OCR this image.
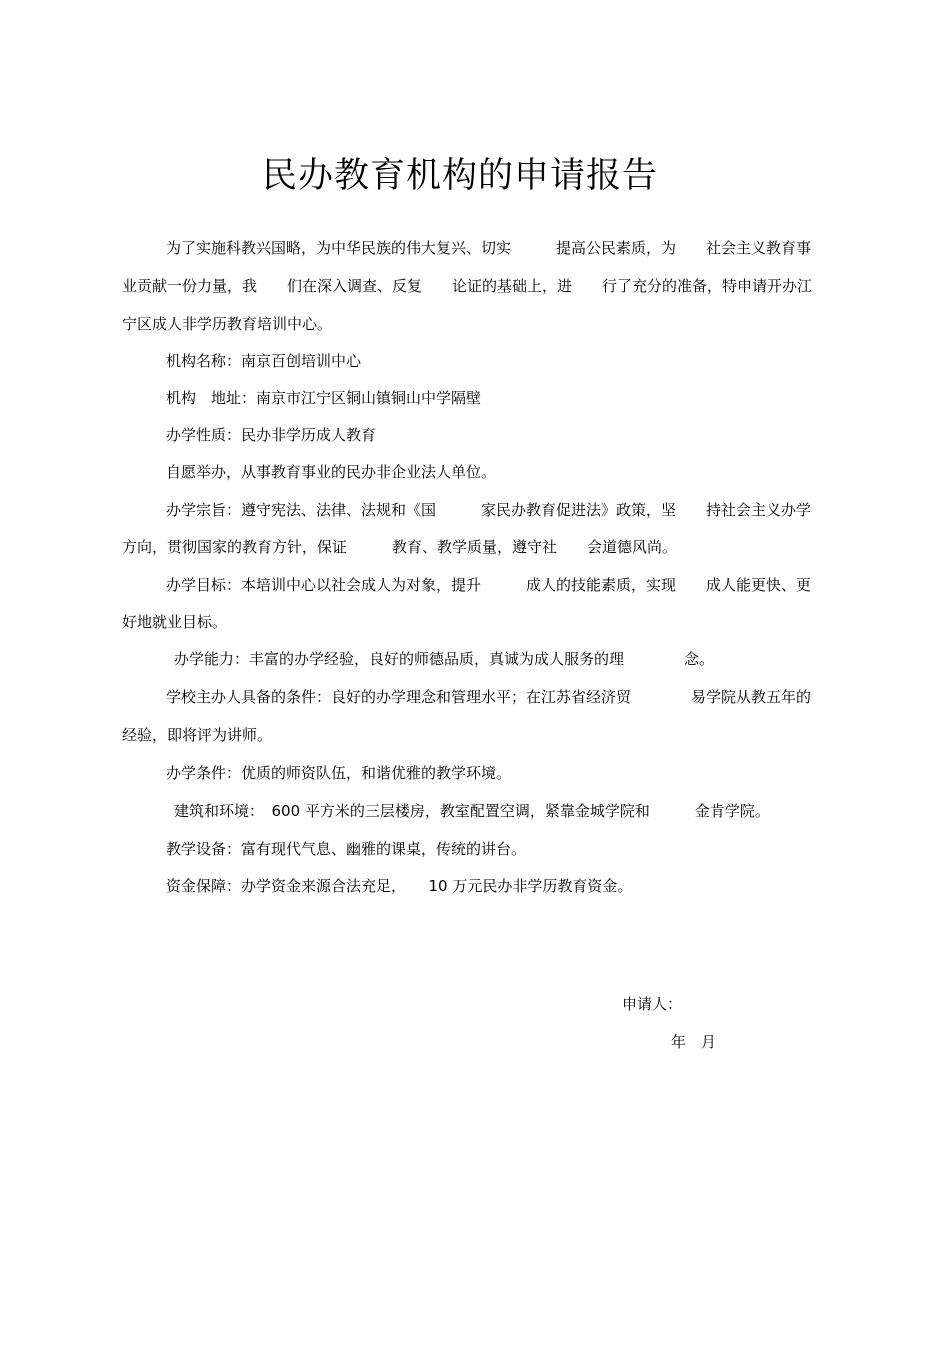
民办教育机构的申请报告
为了实施科教兴国略，为中华民族的伟大复兴、切实　　　提高公民素质，为　　社会主义教育事
业贡献一份力量，我　　们在深入调查、反复　　论证的基础上，进　　行了充分的准备，特申请开办江
宁区成人非学历教育培训中心。
机构名称：南京百创培训中心
机构　地址：南京市江宁区铜山镇铜山中学隔壁
办学性质：民办非学历成人教育
自愿举办，从事教育事业的民办非企业法人单位。
办学宗旨：遵守宪法、法律、法规和《国　　　家民办教育促进法》政策，坚　　持社会主义办学
方向，贯彻国家的教育方针，保证　　　教育、教学质量，遵守社　　会道德风尚。
办学目标：本培训中心以社会成人为对象，提升　　　成人的技能素质，实现　　成人能更快、更
好地就业目标。
办学能力：丰富的办学经验，良好的师德品质，真诚为成人服务的理　　　　念。
学校主办人具备的条件：良好的办学理念和管理水平；在江苏省经济贸　　　　易学院从教五年的
经验，即将评为讲师。
办学条件：优质的师资队伍，和谐优雅的教学环境。
建筑和环境：　600 平方米的三层楼房，教室配置空调，紧靠金城学院和　　　金肯学院。
教学设备：富有现代气息、幽雅的课桌，传统的讲台。
资金保障：办学资金来源合法充足，　　10 万元民办非学历教育资金。
申请人：
年　月
